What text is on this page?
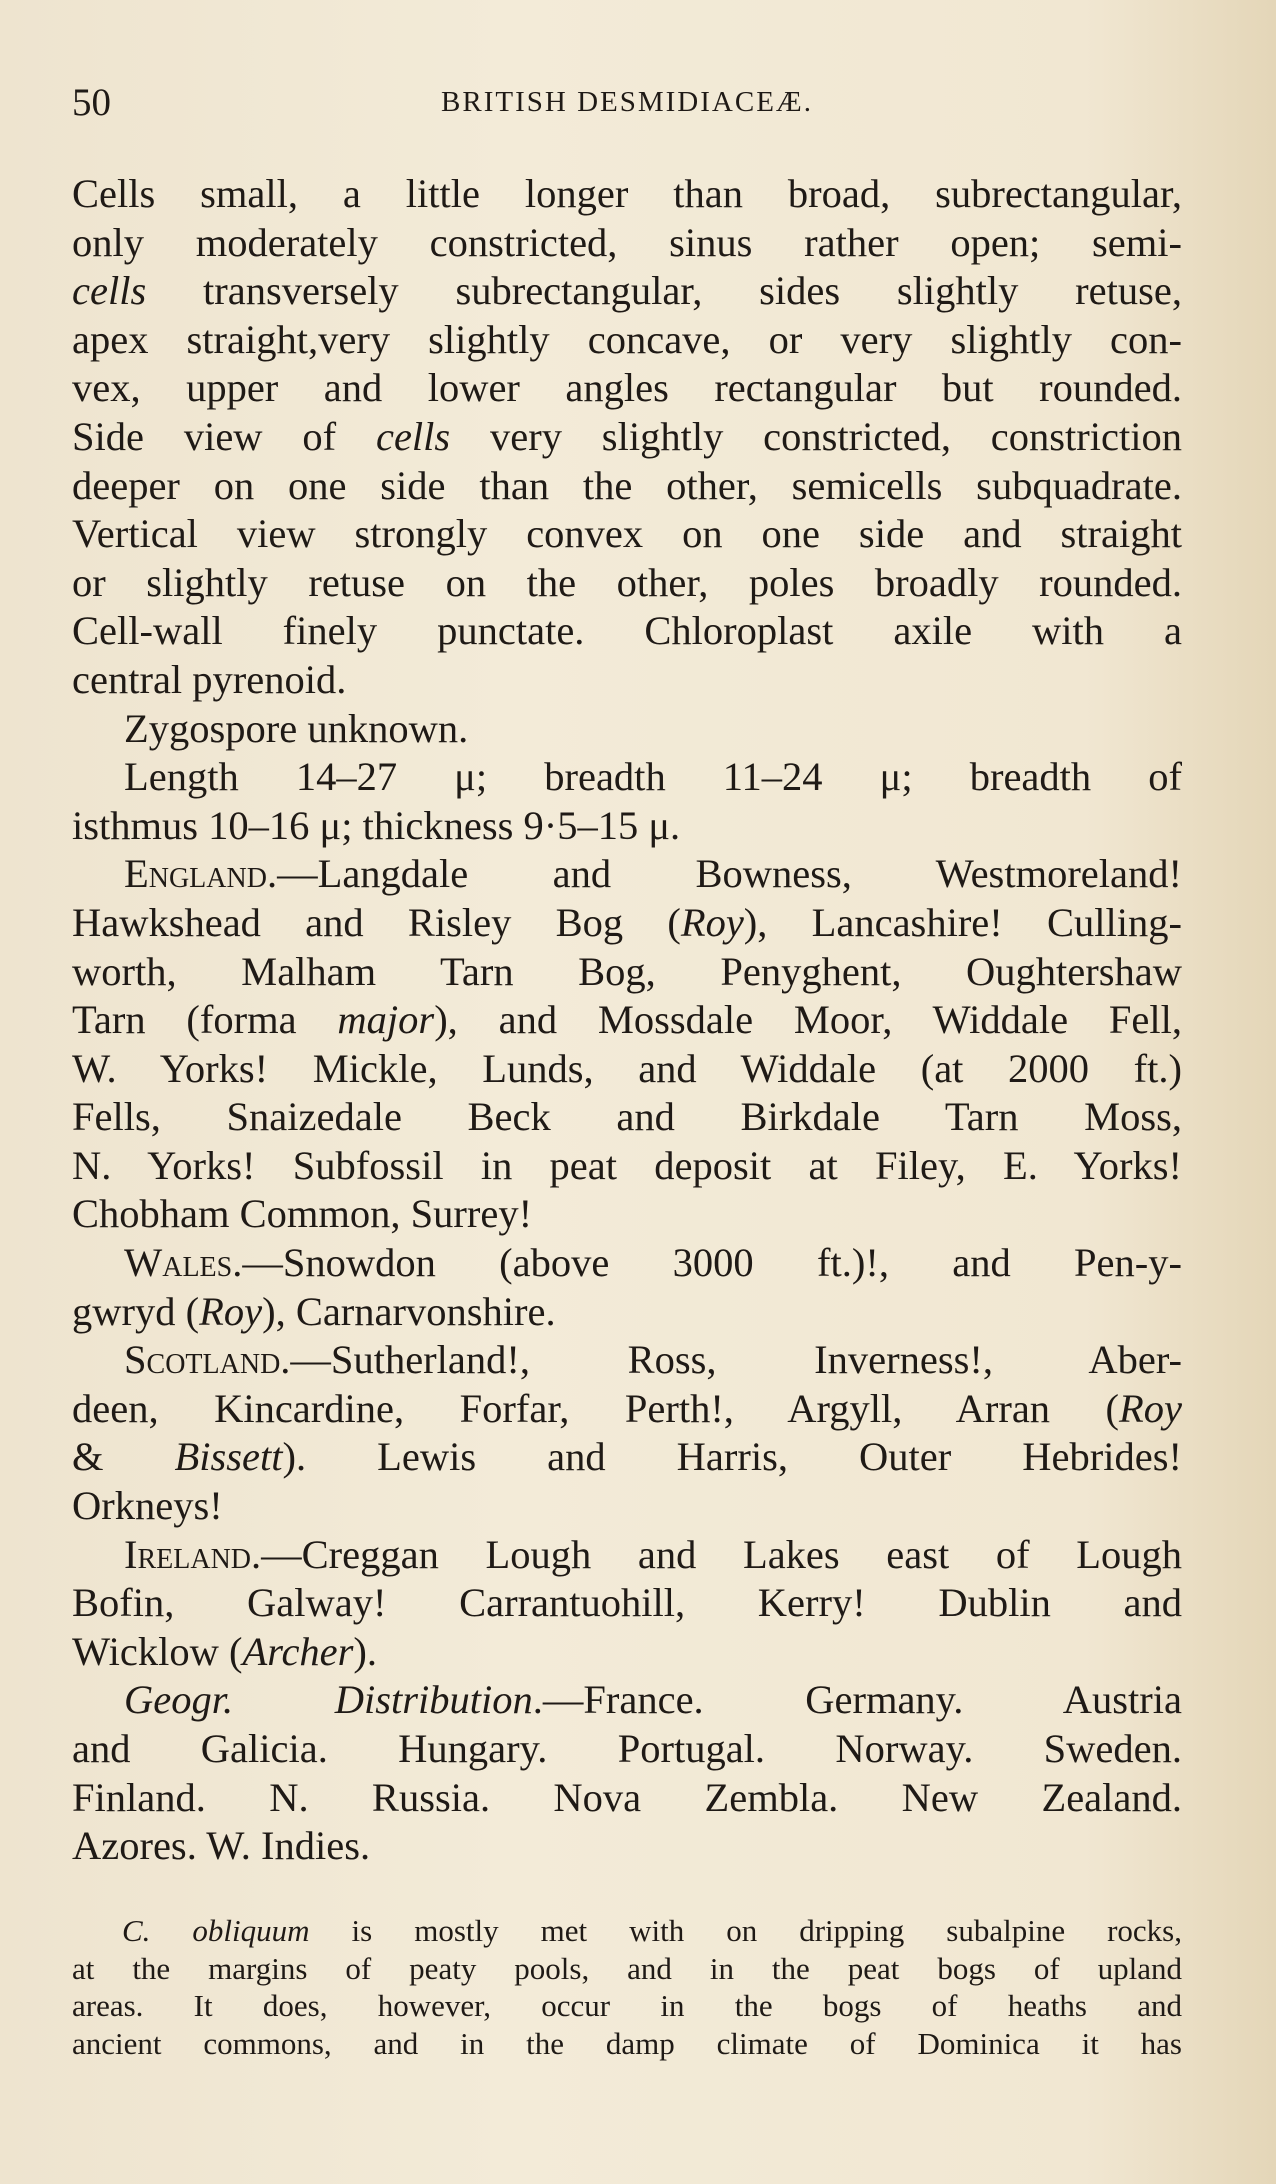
50	BRITISH DESMIDIACEÆ.
Cells small, a little longer than broad, subrectangular,
only moderately constricted, sinus rather open; semi-
cells transversely subrectangular, sides slightly retuse,
apex straight,very slightly concave, or very slightly con-
vex, upper and lower angles rectangular but rounded.
Side view of cells very slightly constricted, constriction
deeper on one side than the other, semicells subquadrate.
Vertical view strongly convex on one side and straight
or slightly retuse on the other, poles broadly rounded.
Cell-wall finely punctate. Chloroplast axile with a
central pyrenoid.
Zygospore unknown.
Length 14–27 μ; breadth 11–24 μ; breadth of
isthmus 10–16 μ; thickness 9·5–15 μ.
England.—Langdale and Bowness, Westmoreland!
Hawkshead and Risley Bog (Roy), Lancashire! Culling-
worth, Malham Tarn Bog, Penyghent, Oughtershaw
Tarn (forma major), and Mossdale Moor, Widdale Fell,
W. Yorks! Mickle, Lunds, and Widdale (at 2000 ft.)
Fells, Snaizedale Beck and Birkdale Tarn Moss,
N. Yorks! Subfossil in peat deposit at Filey, E. Yorks!
Chobham Common, Surrey!
Wales.—Snowdon (above 3000 ft.)!, and Pen-y-
gwryd (Roy), Carnarvonshire.
Scotland.—Sutherland!, Ross, Inverness!, Aber-
deen, Kincardine, Forfar, Perth!, Argyll, Arran (Roy
& Bissett). Lewis and Harris, Outer Hebrides!
Orkneys!
Ireland.—Creggan Lough and Lakes east of Lough
Bofin, Galway! Carrantuohill, Kerry! Dublin and
Wicklow (Archer).
Geogr. Distribution.—France. Germany. Austria
and Galicia. Hungary. Portugal. Norway. Sweden.
Finland. N. Russia. Nova Zembla. New Zealand.
Azores. W. Indies.
C. obliquum is mostly met with on dripping subalpine rocks,
at the margins of peaty pools, and in the peat bogs of upland
areas. It does, however, occur in the bogs of heaths and
ancient commons, and in the damp climate of Dominica it has
